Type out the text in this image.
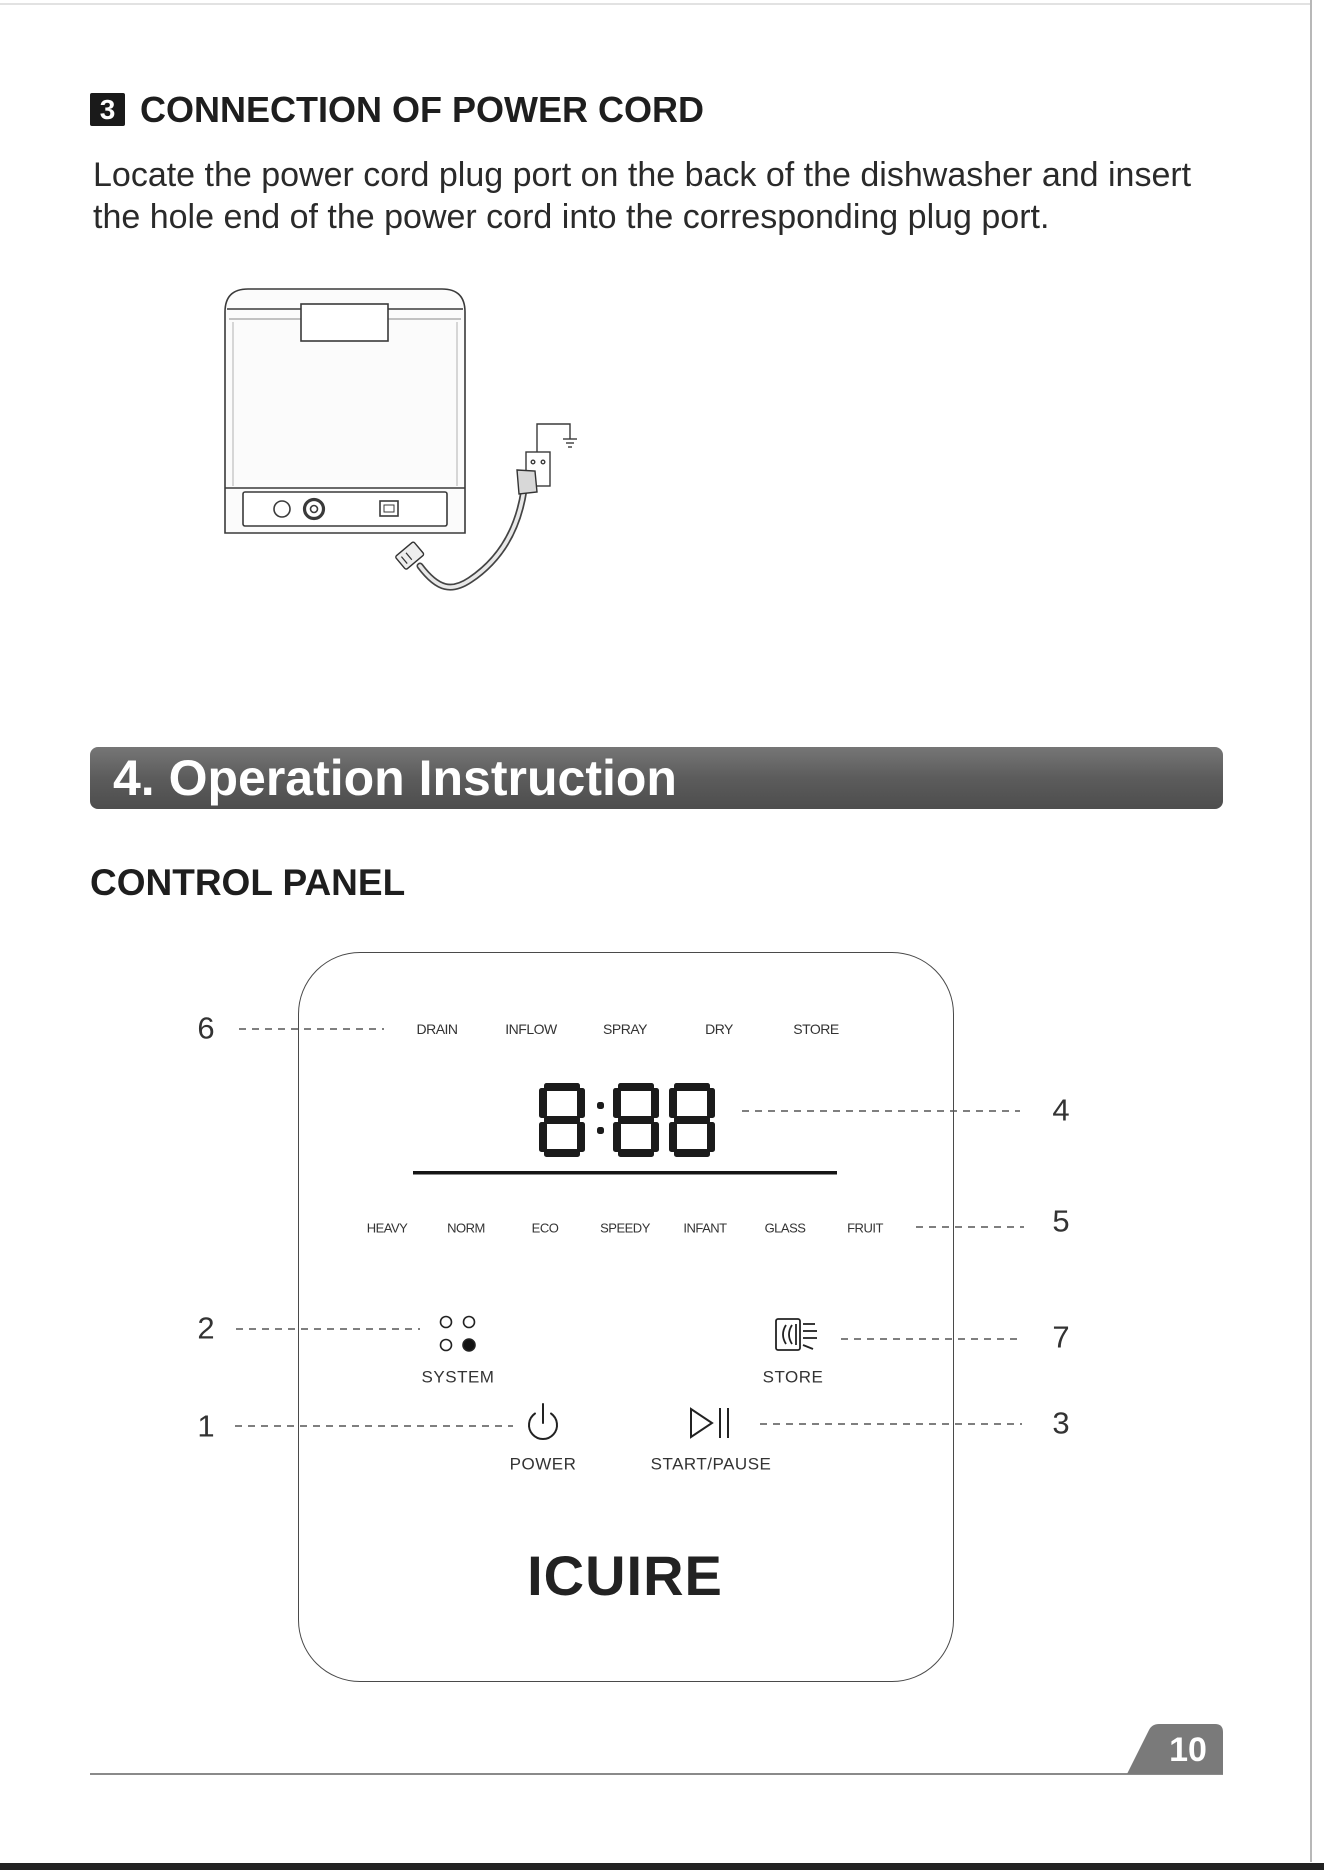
3 CONNECTION OF POWER CORD
Locate the power cord plug port on the back of the dishwasher and insert
the hole end of the power cord into the corresponding plug port.
4. Operation Instruction
CONTROL PANEL
DRAIN	INFLOW	SPRAY	DRY	STORE
HEAVY	NORM	ECO	SPEEDY	INFANT	GLASS	FRUIT
SYSTEM	STORE
POWER	START/PAUSE
ICUIRE
6
4
5
2	7
1	3
10
